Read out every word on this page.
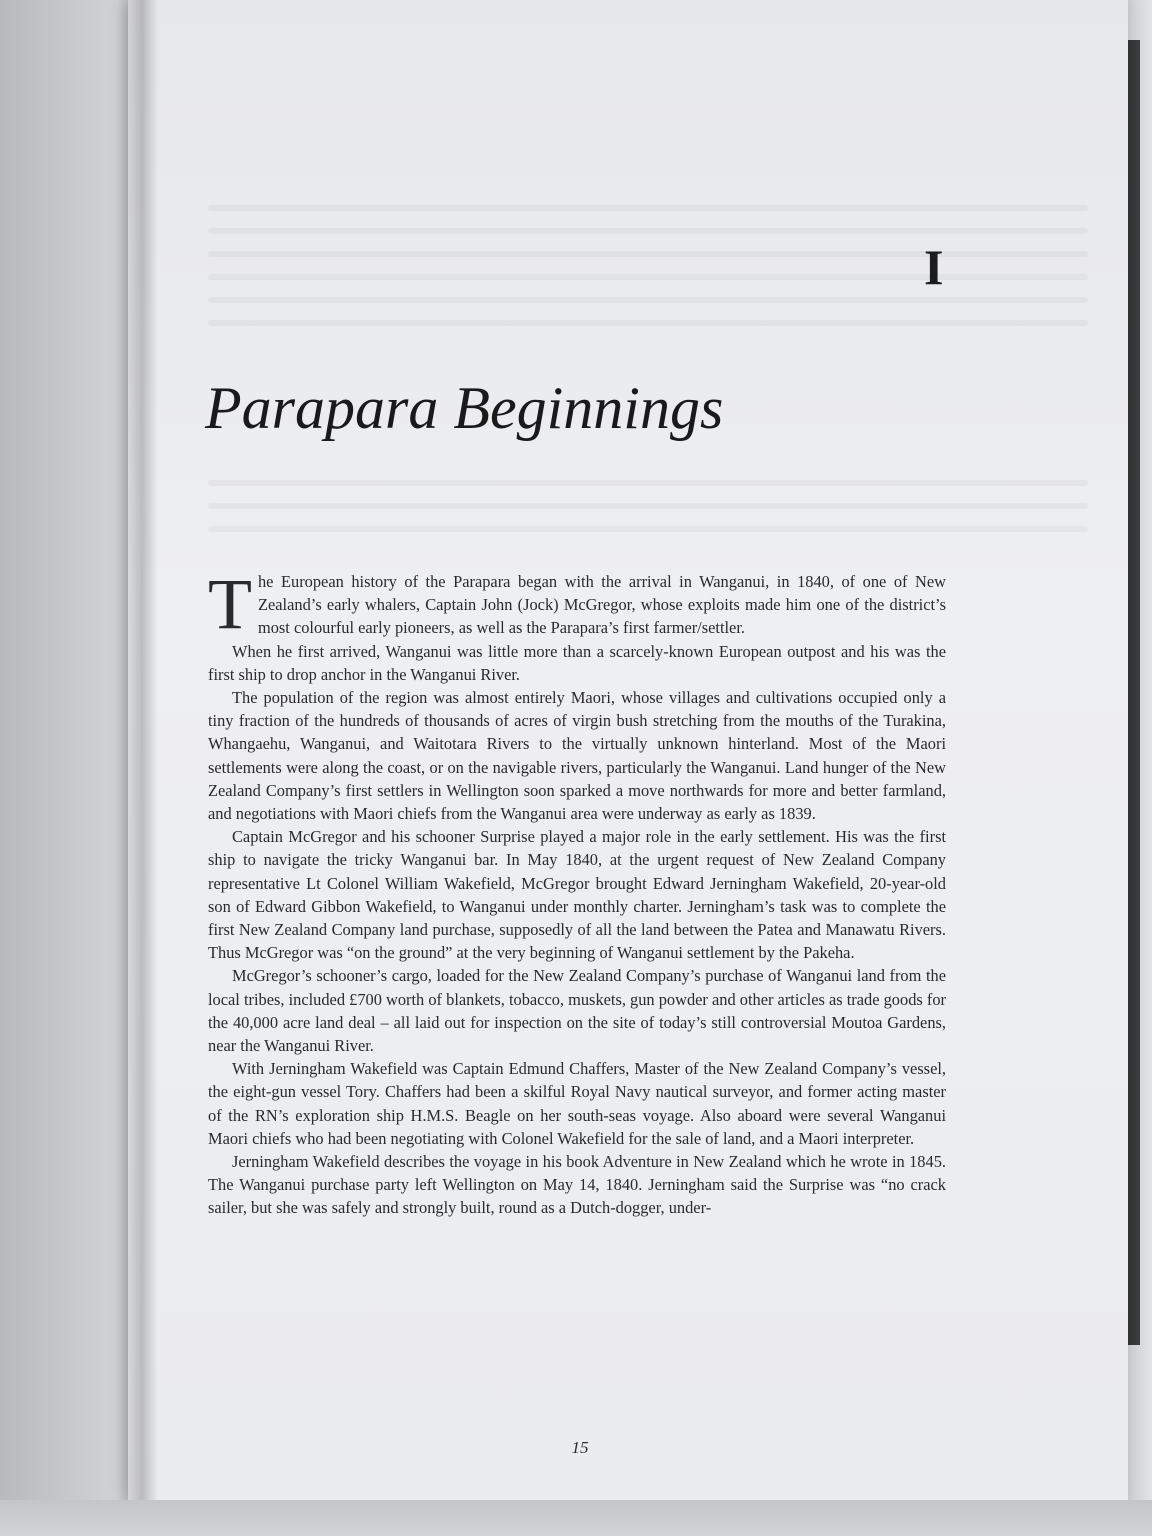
I
Parapara Beginnings

The European history of the Parapara began with the arrival in Wanganui, in 1840, of one of New Zealand’s early whalers, Captain John (Jock) McGregor, whose exploits made him one of the district’s most colourful early pioneers, as well as the Parapara’s first farmer/settler.

When he first arrived, Wanganui was little more than a scarcely-known European outpost and his was the first ship to drop anchor in the Wanganui River.

The population of the region was almost entirely Maori, whose villages and cultivations occupied only a tiny fraction of the hundreds of thousands of acres of virgin bush stretching from the mouths of the Turakina, Whangaehu, Wanganui, and Waitotara Rivers to the virtually unknown hinterland. Most of the Maori settlements were along the coast, or on the navigable rivers, particularly the Wanganui. Land hunger of the New Zealand Company’s first settlers in Wellington soon sparked a move northwards for more and better farmland, and negotiations with Maori chiefs from the Wanganui area were underway as early as 1839.

Captain McGregor and his schooner Surprise played a major role in the early settlement. His was the first ship to navigate the tricky Wanganui bar. In May 1840, at the urgent request of New Zealand Company representative Lt Colonel William Wakefield, McGregor brought Edward Jerningham Wakefield, 20-year-old son of Edward Gibbon Wakefield, to Wanganui under monthly charter. Jerningham’s task was to complete the first New Zealand Company land purchase, supposedly of all the land between the Patea and Manawatu Rivers. Thus McGregor was “on the ground” at the very beginning of Wanganui settlement by the Pakeha.

McGregor’s schooner’s cargo, loaded for the New Zealand Company’s purchase of Wanganui land from the local tribes, included £700 worth of blankets, tobacco, muskets, gun powder and other articles as trade goods for the 40,000 acre land deal – all laid out for inspection on the site of today’s still controversial Moutoa Gardens, near the Wanganui River.

With Jerningham Wakefield was Captain Edmund Chaffers, Master of the New Zealand Company’s vessel, the eight-gun vessel Tory. Chaffers had been a skilful Royal Navy nautical surveyor, and former acting master of the RN’s exploration ship H.M.S. Beagle on her south-seas voyage. Also aboard were several Wanganui Maori chiefs who had been negotiating with Colonel Wakefield for the sale of land, and a Maori interpreter.

Jerningham Wakefield describes the voyage in his book Adventure in New Zealand which he wrote in 1845. The Wanganui purchase party left Wellington on May 14, 1840. Jerningham said the Surprise was “no crack sailer, but she was safely and strongly built, round as a Dutch-dogger, under-

15
